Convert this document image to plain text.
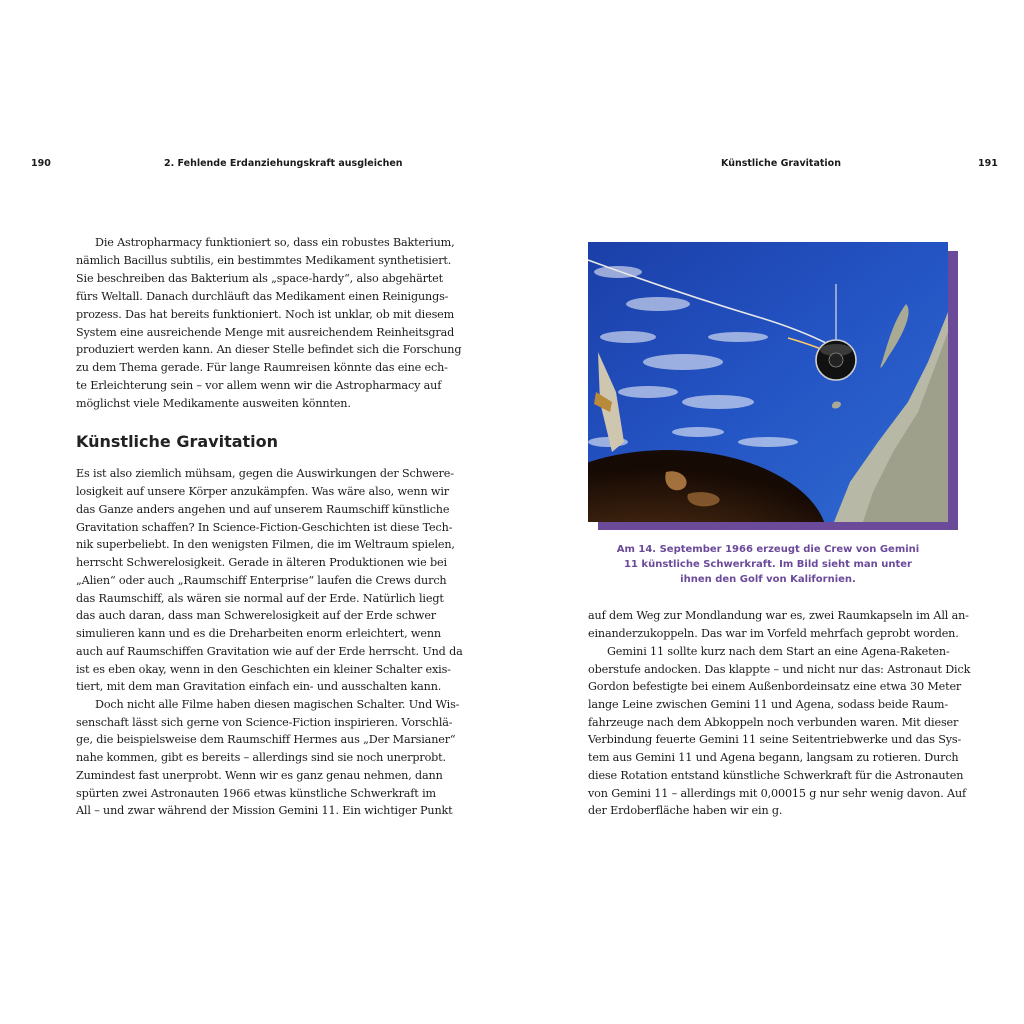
190	2. Fehlende Erdanziehungskraft ausgleichen	Künstliche Gravitation	191
Die Astropharmacy funktioniert so, dass ein robustes Bakterium,
nämlich Bacillus subtilis, ein bestimmtes Medikament synthetisiert.
Sie beschreiben das Bakterium als „space-hardy“, also abgehärtet
fürs Weltall. Danach durchläuft das Medikament einen Reinigungs-
prozess. Das hat bereits funktioniert. Noch ist unklar, ob mit diesem
System eine ausreichende Menge mit ausreichendem Reinheitsgrad
produziert werden kann. An dieser Stelle befindet sich die Forschung
zu dem Thema gerade. Für lange Raumreisen könnte das eine ech-
te Erleichterung sein – vor allem wenn wir die Astropharmacy auf
möglichst viele Medikamente ausweiten könnten.
Künstliche Gravitation
Es ist also ziemlich mühsam, gegen die Auswirkungen der Schwere-
losigkeit auf unsere Körper anzukämpfen. Was wäre also, wenn wir
das Ganze anders angehen und auf unserem Raumschiff künstliche
Gravitation schaffen? In Science-Fiction-Geschichten ist diese Tech-
nik superbeliebt. In den wenigsten Filmen, die im Weltraum spielen,
herrscht Schwerelosigkeit. Gerade in älteren Produktionen wie bei
„Alien“ oder auch „Raumschiff Enterprise“ laufen die Crews durch
das Raumschiff, als wären sie normal auf der Erde. Natürlich liegt
das auch daran, dass man Schwerelosigkeit auf der Erde schwer
simulieren kann und es die Dreharbeiten enorm erleichtert, wenn
auch auf Raumschiffen Gravitation wie auf der Erde herrscht. Und da
ist es eben okay, wenn in den Geschichten ein kleiner Schalter exis-
tiert, mit dem man Gravitation einfach ein- und ausschalten kann.
Doch nicht alle Filme haben diesen magischen Schalter. Und Wis-
senschaft lässt sich gerne von Science-Fiction inspirieren. Vorschlä-
ge, die beispielsweise dem Raumschiff Hermes aus „Der Marsianer“
nahe kommen, gibt es bereits – allerdings sind sie noch unerprobt.
Zumindest fast unerprobt. Wenn wir es ganz genau nehmen, dann
spürten zwei Astronauten 1966 etwas künstliche Schwerkraft im
All – und zwar während der Mission Gemini 11. Ein wichtiger Punkt
Am 14. September 1966 erzeugt die Crew von Gemini
11 künstliche Schwerkraft. Im Bild sieht man unter
ihnen den Golf von Kalifornien.
auf dem Weg zur Mondlandung war es, zwei Raumkapseln im All an-
einanderzukoppeln. Das war im Vorfeld mehrfach geprobt worden.
Gemini 11 sollte kurz nach dem Start an eine Agena-Raketen-
oberstufe andocken. Das klappte – und nicht nur das: Astronaut Dick
Gordon befestigte bei einem Außenbordeinsatz eine etwa 30 Meter
lange Leine zwischen Gemini 11 und Agena, sodass beide Raum-
fahrzeuge nach dem Abkoppeln noch verbunden waren. Mit dieser
Verbindung feuerte Gemini 11 seine Seitentriebwerke und das Sys-
tem aus Gemini 11 und Agena begann, langsam zu rotieren. Durch
diese Rotation entstand künstliche Schwerkraft für die Astronauten
von Gemini 11 – allerdings mit 0,00015 g nur sehr wenig davon. Auf
der Erdoberfläche haben wir ein g.
